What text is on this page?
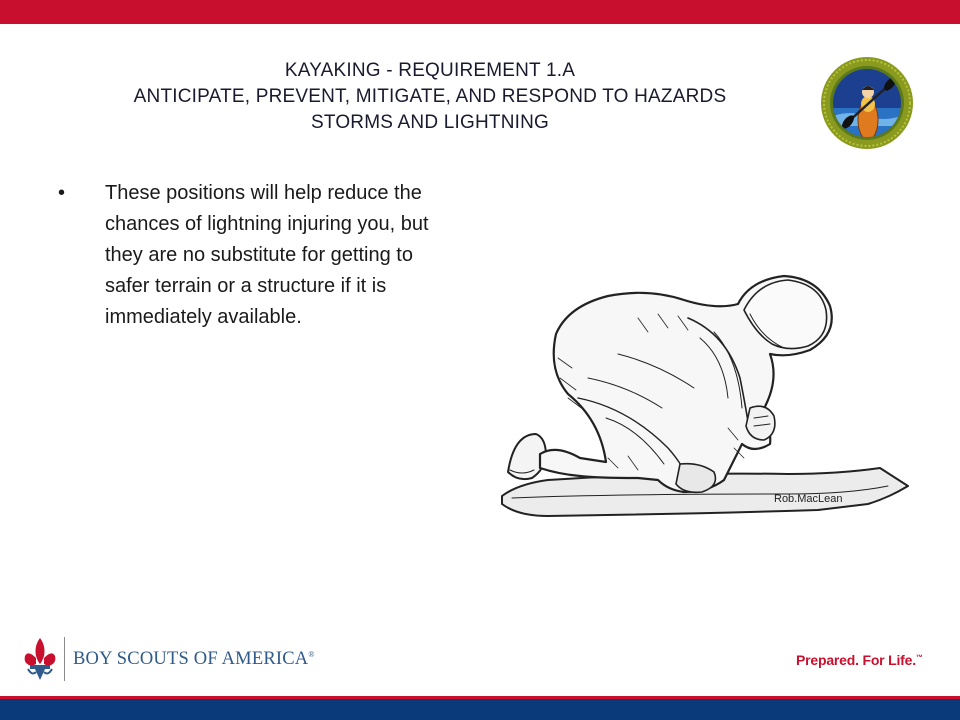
KAYAKING - REQUIREMENT 1.A
ANTICIPATE, PREVENT, MITIGATE, AND RESPOND TO HAZARDS
STORMS AND LIGHTNING
• These positions will help reduce the chances of lightning injuring you, but they are no substitute for getting to safer terrain or a structure if it is immediately available.
Rob.MacLean
BOY SCOUTS OF AMERICA®	Prepared. For Life.™
